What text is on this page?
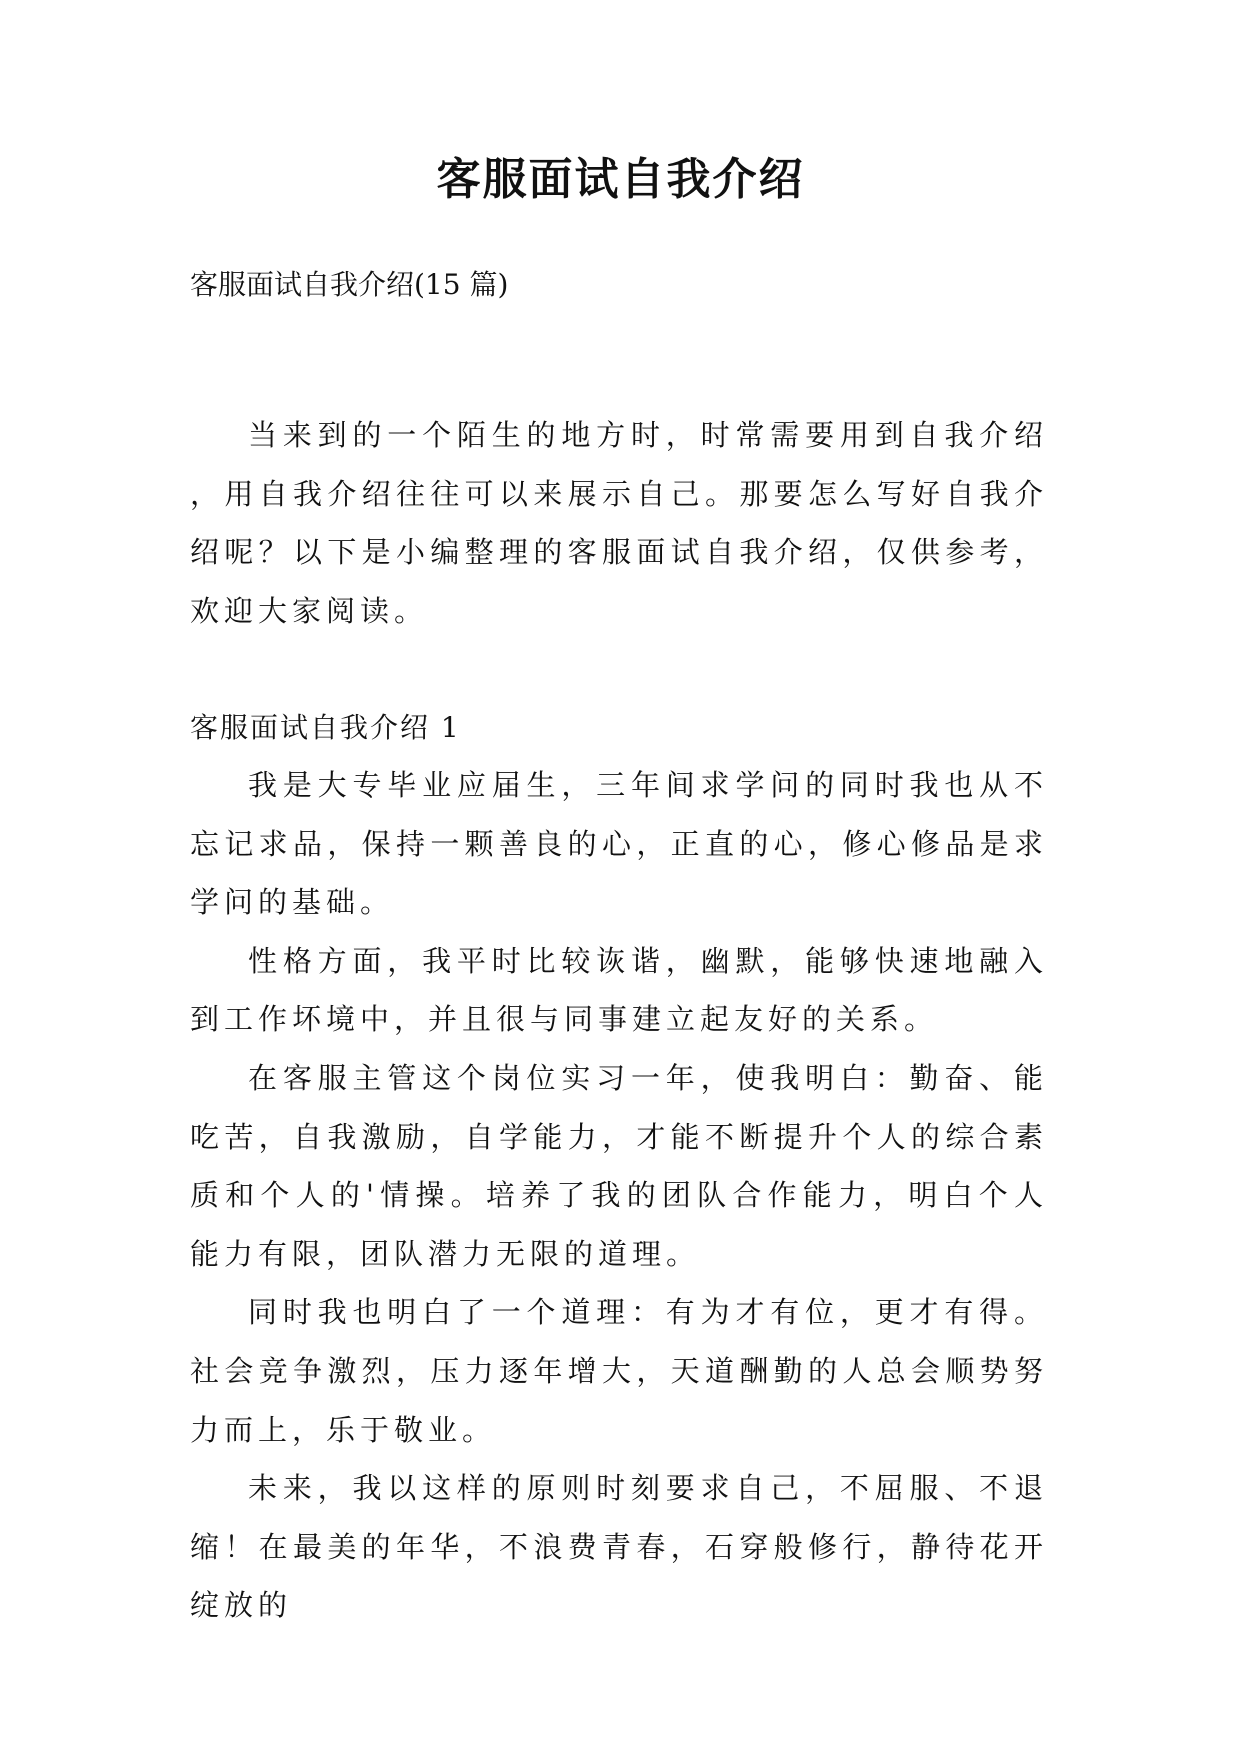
客服面试自我介绍

客服面试自我介绍(15 篇)

当来到的一个陌生的地方时，时常需要用到自我介绍，用自我介绍往往可以来展示自己。那要怎么写好自我介绍呢？以下是小编整理的客服面试自我介绍，仅供参考，欢迎大家阅读。

客服面试自我介绍 1

我是大专毕业应届生，三年间求学问的同时我也从不忘记求品，保持一颗善良的心，正直的心，修心修品是求学问的基础。

性格方面，我平时比较诙谐，幽默，能够快速地融入到工作坏境中，并且很与同事建立起友好的关系。

在客服主管这个岗位实习一年，使我明白：勤奋、能吃苦，自我激励，自学能力，才能不断提升个人的综合素质和个人的'情操。培养了我的团队合作能力，明白个人能力有限，团队潜力无限的道理。

同时我也明白了一个道理：有为才有位，更才有得。社会竞争激烈，压力逐年增大，天道酬勤的人总会顺势努力而上，乐于敬业。

未来，我以这样的原则时刻要求自己，不屈服、不退缩！在最美的年华，不浪费青春，石穿般修行，静待花开绽放的
